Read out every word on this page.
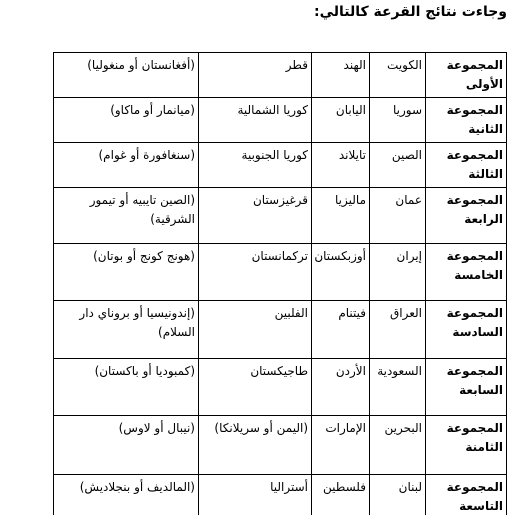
وجاءت نتائج القرعة كالتالي:
المجموعة الأولى	الكويت	الهند	قطر	(أفغانستان أو منغوليا)
المجموعة الثانية	سوريا	اليابان	كوريا الشمالية	(ميانمار أو ماكاو)
المجموعة الثالثة	الصين	تايلاند	كوريا الجنوبية	(سنغافورة أو غوام)
المجموعة الرابعة	عمان	ماليزيا	قرغيزستان	(الصين تايبيه أو تيمور الشرقية)
المجموعة الخامسة	إيران	أوزبكستان	تركمانستان	(هونج كونج أو بوتان)
المجموعة السادسة	العراق	فيتنام	الفلبين	(إندونيسيا أو بروناي دار السلام)
المجموعة السابعة	السعودية	الأردن	طاجيكستان	(كمبوديا أو باكستان)
المجموعة الثامنة	البحرين	الإمارات	(اليمن أو سريلانكا)	(نيبال أو لاوس)
المجموعة التاسعة	لبنان	فلسطين	أستراليا	(المالديف أو بنجلاديش)
